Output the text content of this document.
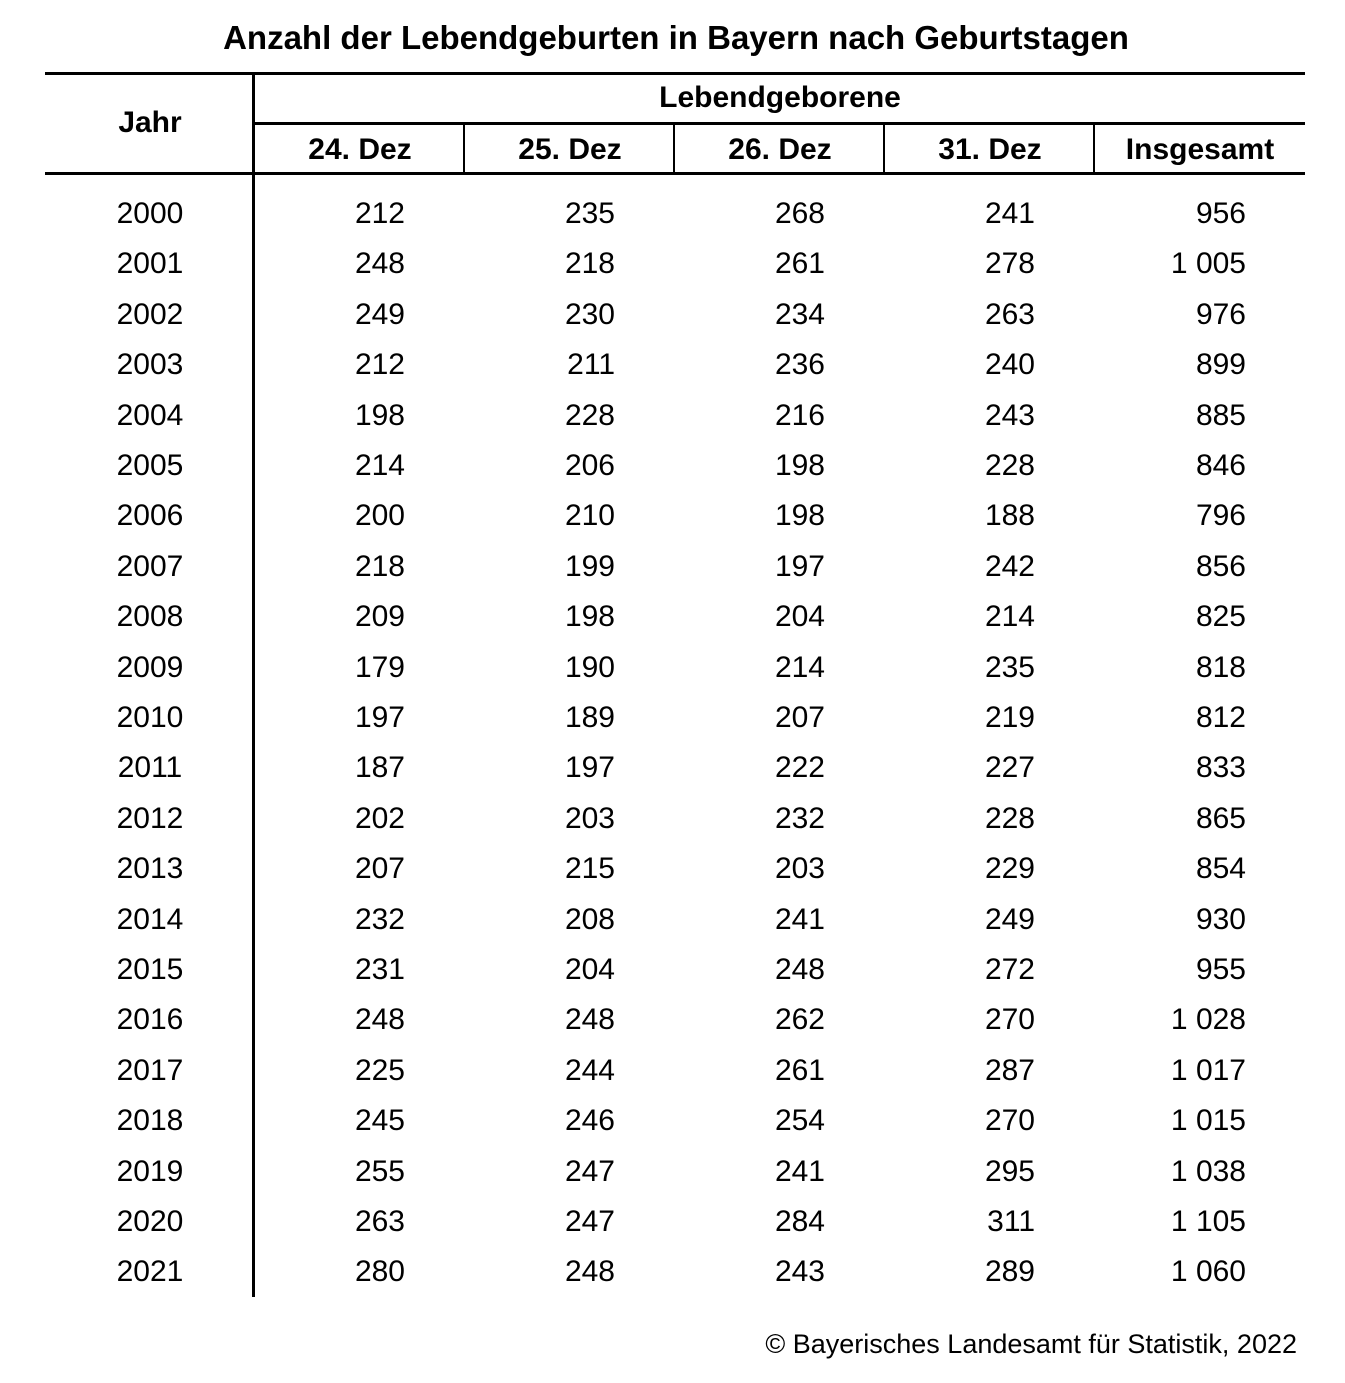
Anzahl der Lebendgeburten in Bayern nach Geburtstagen
Jahr
Lebendgeborene
24. Dez	25. Dez	26. Dez	31. Dez	Insgesamt
2000	212	235	268	241	956
2001	248	218	261	278	1 005
2002	249	230	234	263	976
2003	212	211	236	240	899
2004	198	228	216	243	885
2005	214	206	198	228	846
2006	200	210	198	188	796
2007	218	199	197	242	856
2008	209	198	204	214	825
2009	179	190	214	235	818
2010	197	189	207	219	812
2011	187	197	222	227	833
2012	202	203	232	228	865
2013	207	215	203	229	854
2014	232	208	241	249	930
2015	231	204	248	272	955
2016	248	248	262	270	1 028
2017	225	244	261	287	1 017
2018	245	246	254	270	1 015
2019	255	247	241	295	1 038
2020	263	247	284	311	1 105
2021	280	248	243	289	1 060
© Bayerisches Landesamt für Statistik, 2022
